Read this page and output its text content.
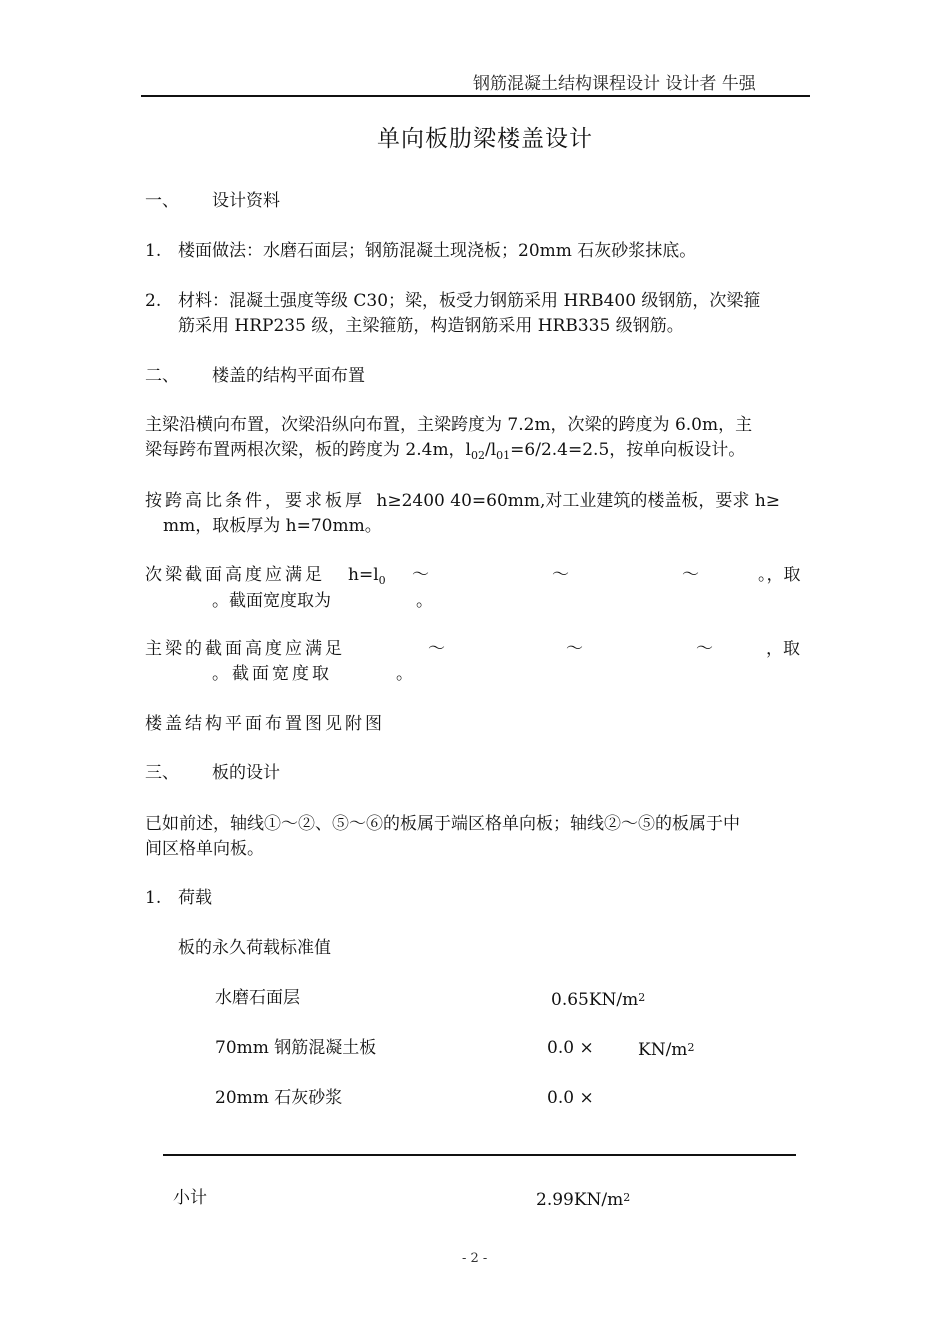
钢筋混凝土结构课程设计 设计者 牛强
单向板肋梁楼盖设计
一、 设计资料
1. 楼面做法：水磨石面层；钢筋混凝土现浇板；20mm 石灰砂浆抹底。
2. 材料：混凝土强度等级 C30；梁，板受力钢筋采用 HRB400 级钢筋，次梁箍
筋采用 HRP235 级，主梁箍筋，构造钢筋采用 HRB335 级钢筋。
二、 楼盖的结构平面布置
主梁沿横向布置，次梁沿纵向布置，主梁跨度为 7.2m，次梁的跨度为 6.0m，主
梁每跨布置两根次梁，板的跨度为 2.4m，$l_{02}/l_{01}=6/2.4=2.5$，按单向板设计。
按跨高比条件，要求板厚 h≥2400 40=60mm,对工业建筑的楼盖板，要求 h≥
mm，取板厚为 h=70mm。
次梁截面高度应满足 $h=l_0$ ～	～	～	。，取
。截面宽度取为	。
主梁的截面高度应满足	～	～	～	，取
。截面宽度取	。
楼盖结构平面布置图见附图
三、 板的设计
已如前述，轴线①～②、⑤～⑥的板属于端区格单向板；轴线②～⑤的板属于中
间区格单向板。
1. 荷载
板的永久荷载标准值
水磨石面层	$0.65KN/m^2$
70mm 钢筋混凝土板	0.0 ×	$KN/m^2$
20mm 石灰砂浆	0.0 ×
小计	$2.99KN/m^2$
- 2 -
